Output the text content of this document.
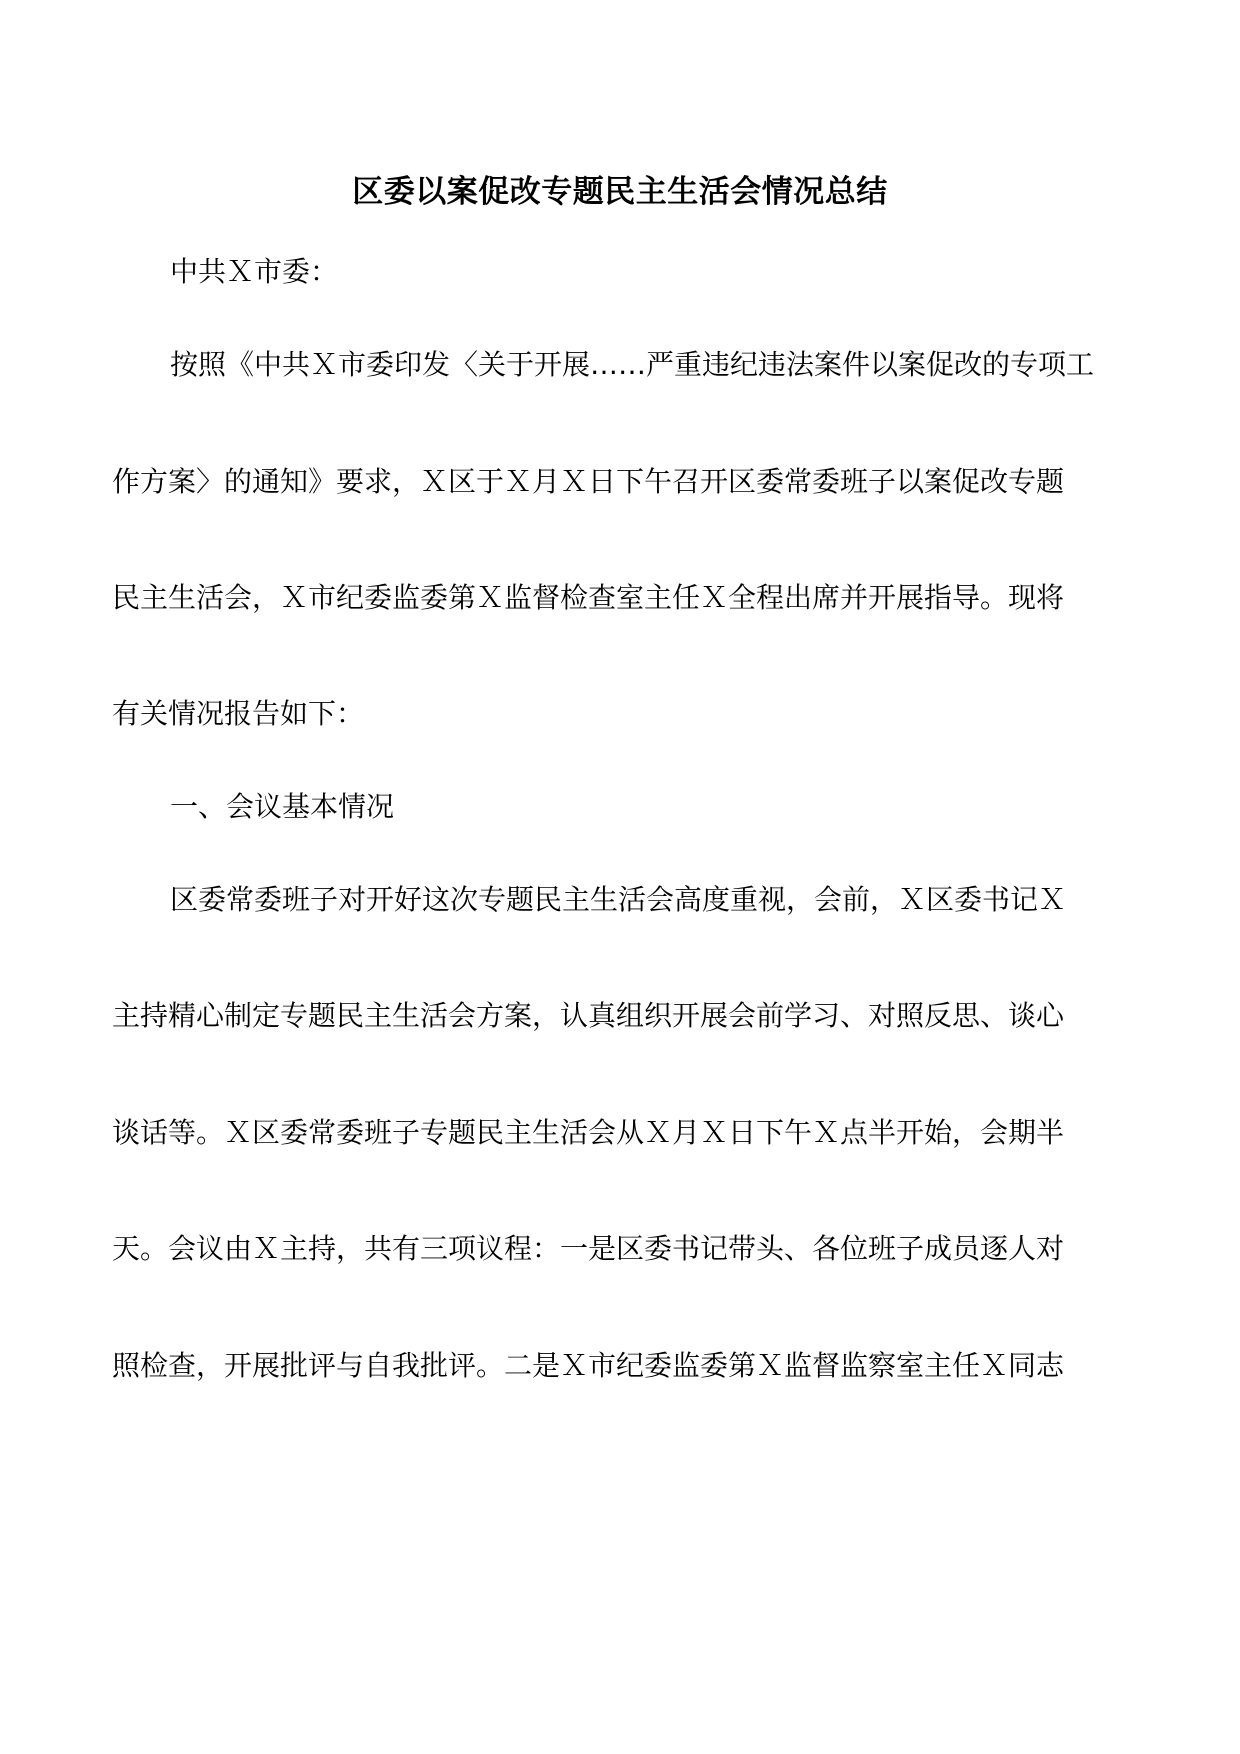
区委以案促改专题民主生活会情况总结
中共Ｘ市委：
按照《中共Ｘ市委印发〈关于开展……严重违纪违法案件以案促改的专项工
作方案〉的通知》要求，Ｘ区于Ｘ月Ｘ日下午召开区委常委班子以案促改专题
民主生活会，Ｘ市纪委监委第Ｘ监督检查室主任Ｘ全程出席并开展指导。现将
有关情况报告如下：
一、会议基本情况
区委常委班子对开好这次专题民主生活会高度重视，会前，Ｘ区委书记Ｘ
主持精心制定专题民主生活会方案，认真组织开展会前学习、对照反思、谈心
谈话等。Ｘ区委常委班子专题民主生活会从Ｘ月Ｘ日下午Ｘ点半开始，会期半
天。会议由Ｘ主持，共有三项议程：一是区委书记带头、各位班子成员逐人对
照检查，开展批评与自我批评。二是Ｘ市纪委监委第Ｘ监督监察室主任Ｘ同志
